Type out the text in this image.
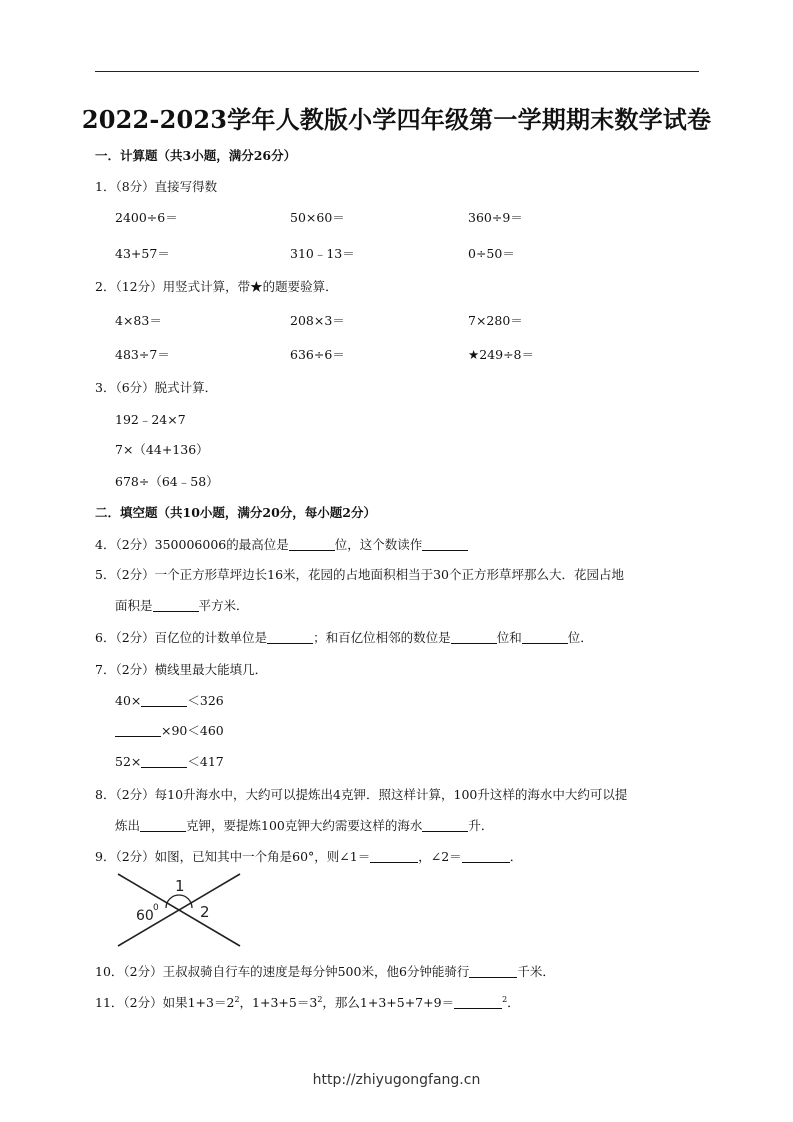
2022-2023学年人教版小学四年级第一学期期末数学试卷
一．计算题（共3小题，满分26分）
1．（8分）直接写得数
2400÷6＝	50×60＝	360÷9＝
43+57＝	310﹣13＝	0÷50＝
2．（12分）用竖式计算，带★的题要验算．
4×83＝	208×3＝	7×280＝
483÷7＝	636÷6＝	★249÷8＝
3．（6分）脱式计算．
192﹣24×7
7×（44+136）
678÷（64﹣58）
二．填空题（共10小题，满分20分，每小题2分）
4．（2分）350006006的最高位是	位，这个数读作
5．（2分）一个正方形草坪边长16米，花园的占地面积相当于30个正方形草坪那么大．花园占地
面积是	平方米．
6．（2分）百亿位的计数单位是	；和百亿位相邻的数位是	位和	位．
7．（2分）横线里最大能填几．
40×	＜326
×90＜460
52×	＜417
8．（2分）每10升海水中，大约可以提炼出4克钾．照这样计算，100升这样的海水中大约可以提
炼出	克钾，要提炼100克钾大约需要这样的海水	升．
9．（2分）如图，已知其中一个角是60°，则∠1＝	，∠2＝	．
1
2
60 0
10．（2分）王叔叔骑自行车的速度是每分钟500米，他6分钟能骑行	千米．
11．（2分）如果$1+3=2^2$，$1+3+5=3^2$，那么1+3+5+7+9＝	$^2$．
http://zhiyugongfang.cn
